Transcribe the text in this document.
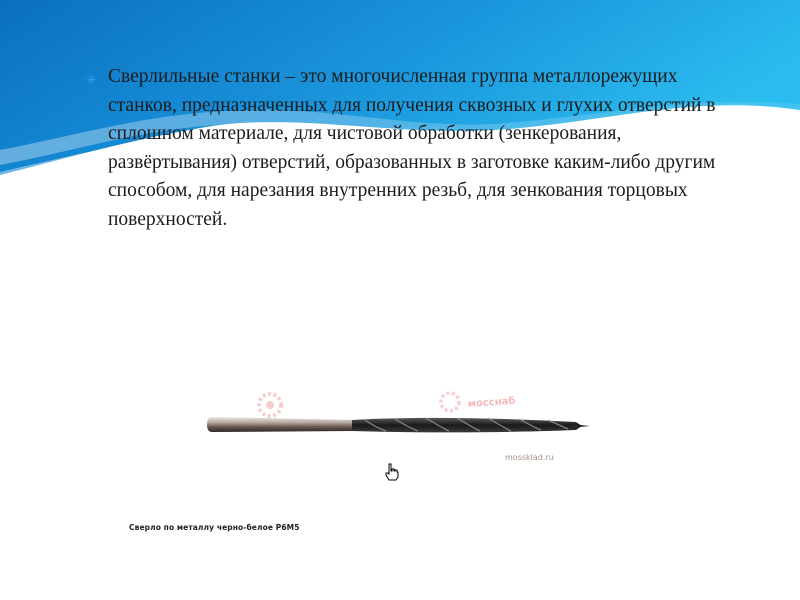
✳ Сверлильные станки – это многочисленная группа металлорежущих станков, предназначенных для получения сквозных и глухих отверстий в сплошном материале, для чистовой обработки (зенкерования, развёртывания) отверстий, образованных в заготовке каким-либо другим способом, для нарезания внутренних резьб, для зенкования торцовых поверхностей.
мосснаб
mossklad.ru
Сверло по металлу черно-белое Р6М5
